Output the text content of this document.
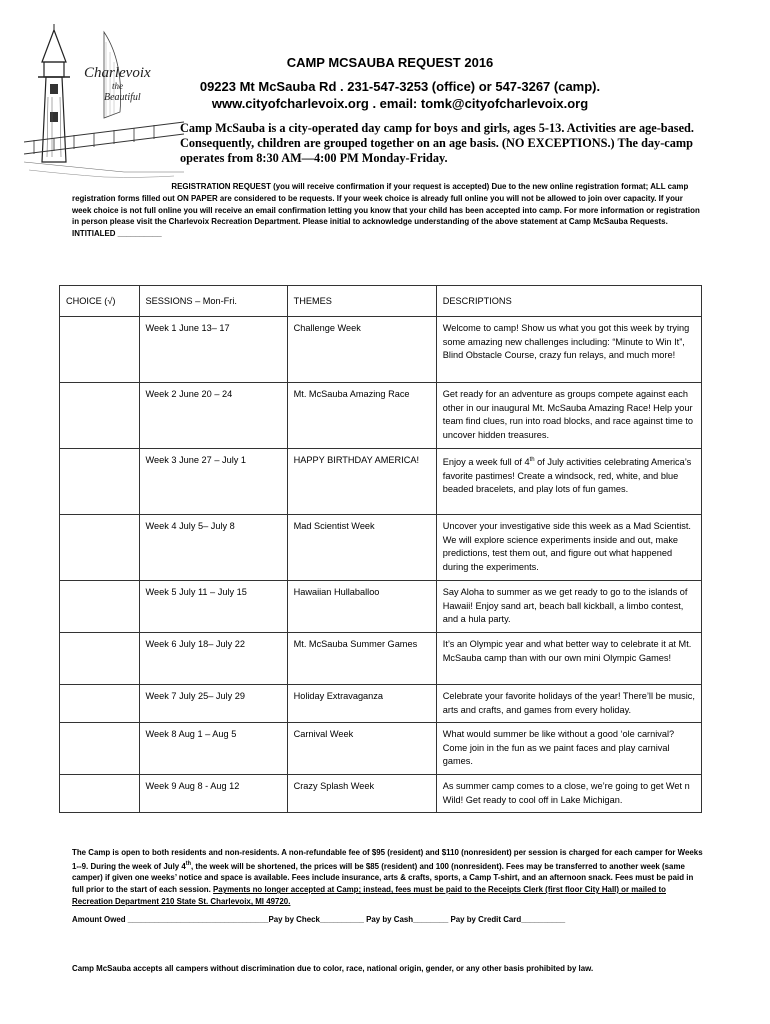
Charlevoix
the
Beautiful
CAMP MCSAUBA REQUEST 2016
09223 Mt McSauba Rd . 231-547-3253 (office) or 547-3267 (camp).
www.cityofcharlevoix.org . email: tomk@cityofcharlevoix.org
Camp McSauba is a city-operated day camp for boys and girls, ages 5-13. Activities are age-based. Consequently, children are grouped together on an age basis. (NO EXCEPTIONS.) The day-camp operates from 8:30 AM—4:00 PM Monday-Friday.
REGISTRATION REQUEST (you will receive confirmation if your request is accepted) Due to the new online registration format; ALL camp registration forms filled out ON PAPER are considered to be requests. If your week choice is already full online you will not be allowed to join over capacity. If your week choice is not full online you will receive an email confirmation letting you know that your child has been accepted into camp. For more information or registration in person please visit the Charlevoix Recreation Department. Please initial to acknowledge understanding of the above statement at Camp McSauba Requests. INTITIALED __________
CHOICE (√)	SESSIONS – Mon-Fri.	THEMES	DESCRIPTIONS
	Week 1 June 13– 17	Challenge Week	Welcome to camp! Show us what you got this week by trying some amazing new challenges including: “Minute to Win It”, Blind Obstacle Course, crazy fun relays, and much more!
	Week 2 June 20 – 24	Mt. McSauba Amazing Race	Get ready for an adventure as groups compete against each other in our inaugural Mt. McSauba Amazing Race! Help your team find clues, run into road blocks, and race against time to uncover hidden treasures.
	Week 3 June 27 – July 1	HAPPY BIRTHDAY AMERICA!	Enjoy a week full of 4th of July activities celebrating America’s favorite pastimes! Create a windsock, red, white, and blue beaded bracelets, and play lots of fun games.
	Week 4 July 5– July 8	Mad Scientist Week	Uncover your investigative side this week as a Mad Scientist. We will explore science experiments inside and out, make predictions, test them out, and figure out what happened during the experiments.
	Week 5 July 11 – July 15	Hawaiian Hullaballoo	Say Aloha to summer as we get ready to go to the islands of Hawaii! Enjoy sand art, beach ball kickball, a limbo contest, and a hula party.
	Week 6 July 18– July 22	Mt. McSauba Summer Games	It’s an Olympic year and what better way to celebrate it at Mt. McSauba camp than with our own mini Olympic Games!
	Week 7 July 25– July 29	Holiday Extravaganza	Celebrate your favorite holidays of the year! There’ll be music, arts and crafts, and games from every holiday.
	Week 8 Aug 1 – Aug 5	Carnival Week	What would summer be like without a good ‘ole carnival? Come join in the fun as we paint faces and play carnival games.
	Week 9 Aug 8 - Aug 12	Crazy Splash Week	As summer camp comes to a close, we’re going to get Wet n Wild! Get ready to cool off in Lake Michigan.
The Camp is open to both residents and non-residents. A non-refundable fee of $95 (resident) and $110 (nonresident) per session is charged for each camper for Weeks 1--9. During the week of July 4th, the week will be shortened, the prices will be $85 (resident) and 100 (nonresident). Fees may be transferred to another week (same camper) if given one weeks’ notice and space is available. Fees include insurance, arts & crafts, sports, a Camp T-shirt, and an afternoon snack. Fees must be paid in full prior to the start of each session. Payments no longer accepted at Camp; instead, fees must be paid to the Receipts Clerk (first floor City Hall) or mailed to Recreation Department 210 State St. Charlevoix, MI 49720.
Amount Owed ________________________________Pay by Check__________ Pay by Cash________ Pay by Credit Card__________
Camp McSauba accepts all campers without discrimination due to color, race, national origin, gender, or any other basis prohibited by law.
